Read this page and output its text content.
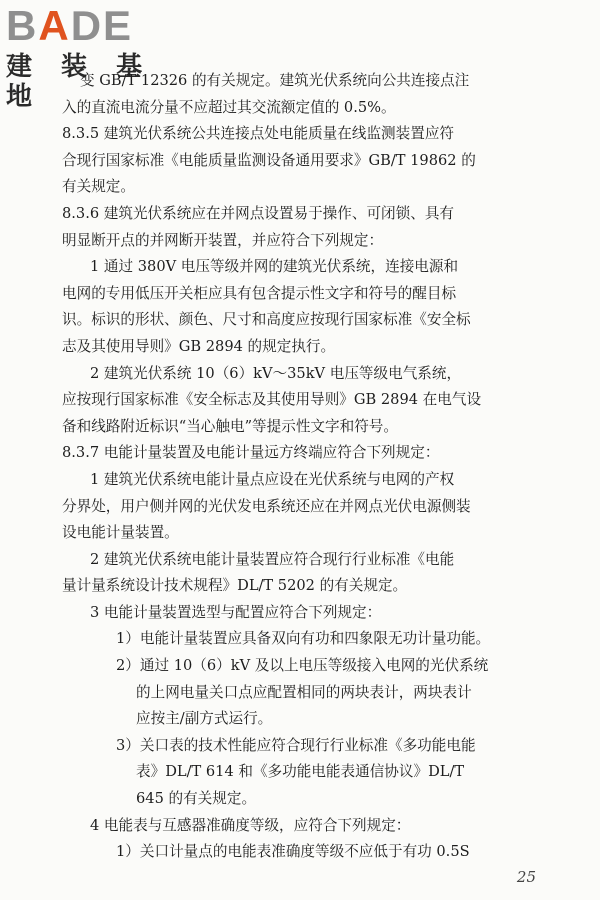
BADE
建 装 基 地
变 GB/T 12326 的有关规定。建筑光伏系统向公共连接点注
入的直流电流分量不应超过其交流额定值的 0.5%。
8.3.5 建筑光伏系统公共连接点处电能质量在线监测装置应符
合现行国家标准《电能质量监测设备通用要求》GB/T 19862 的
有关规定。
8.3.6 建筑光伏系统应在并网点设置易于操作、可闭锁、具有
明显断开点的并网断开装置，并应符合下列规定：
1 通过 380V 电压等级并网的建筑光伏系统，连接电源和
电网的专用低压开关柜应具有包含提示性文字和符号的醒目标
识。标识的形状、颜色、尺寸和高度应按现行国家标准《安全标
志及其使用导则》GB 2894 的规定执行。
2 建筑光伏系统 10（6）kV～35kV 电压等级电气系统，
应按现行国家标准《安全标志及其使用导则》GB 2894 在电气设
备和线路附近标识“当心触电”等提示性文字和符号。
8.3.7 电能计量装置及电能计量远方终端应符合下列规定：
1 建筑光伏系统电能计量点应设在光伏系统与电网的产权
分界处，用户侧并网的光伏发电系统还应在并网点光伏电源侧装
设电能计量装置。
2 建筑光伏系统电能计量装置应符合现行行业标准《电能
量计量系统设计技术规程》DL/T 5202 的有关规定。
3 电能计量装置选型与配置应符合下列规定：
1）电能计量装置应具备双向有功和四象限无功计量功能。
2）通过 10（6）kV 及以上电压等级接入电网的光伏系统
的上网电量关口点应配置相同的两块表计，两块表计
应按主/副方式运行。
3）关口表的技术性能应符合现行行业标准《多功能电能
表》DL/T 614 和《多功能电能表通信协议》DL/T
645 的有关规定。
4 电能表与互感器准确度等级，应符合下列规定：
1）关口计量点的电能表准确度等级不应低于有功 0.5S
25
